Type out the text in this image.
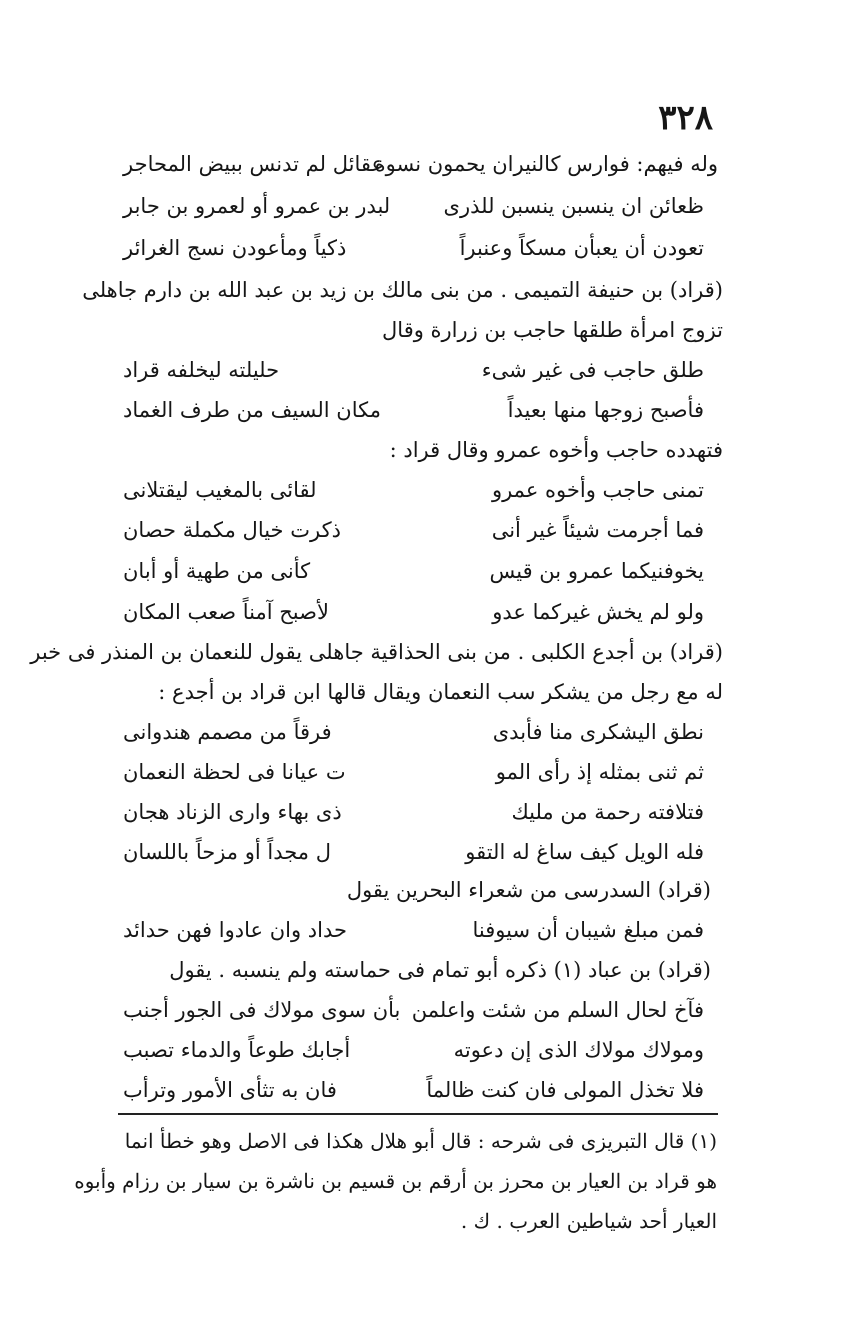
٣٢٨
وله فيهم: فوارس كالنيران يحمون نسوة
عقائل لم تدنس ببيض المحاجر
ظعائن ان ينسبن ينسبن للذرى
لبدر بن عمرو أو لعمرو بن جابر
تعودن أن يعبأن مسكاً وعنبراً
ذكياً ومأعودن نسج الغرائر
(قراد) بن حنيفة التميمى . من بنى مالك بن زيد بن عبد الله بن دارم جاهلى
تزوج امرأة طلقها حاجب بن زرارة وقال
طلق حاجب فى غير شىء
حليلته ليخلفه قراد
فأصبح زوجها منها بعيداً
مكان السيف من طرف الغماد
فتهدده حاجب وأخوه عمرو وقال قراد :
تمنى حاجب وأخوه عمرو
لقائى بالمغيب ليقتلانى
فما أجرمت شيئاً غير أنى
ذكرت خيال مكملة حصان
يخوفنيكما عمرو بن قيس
كأنى من طهية أو أبان
ولو لم يخش غيركما عدو
لأصبح آمناً صعب المكان
(قراد) بن أجدع الكلبى . من بنى الحذاقية جاهلى يقول للنعمان بن المنذر فى خبر
له مع رجل من يشكر سب النعمان ويقال قالها ابن قراد بن أجدع :
نطق اليشكرى منا فأبدى
فرقاً من مصمم هندوانى
ثم ثنى بمثله إذ رأى المو
ت عيانا فى لحظة النعمان
فتلافته رحمة من مليك
ذى بهاء وارى الزناد هجان
فله الويل كيف ساغ له التقو
ل مجداً أو مزحاً باللسان
(قراد) السدرسى من شعراء البحرين يقول
فمن مبلغ شيبان أن سيوفنا
حداد وان عادوا فهن حدائد
(قراد) بن عباد (١) ذكره أبو تمام فى حماسته ولم ينسبه . يقول
فآخ لحال السلم من شئت واعلمن
بأن سوى مولاك فى الجور أجنب
ومولاك مولاك الذى إن دعوته
أجابك طوعاً والدماء تصبب
فلا تخذل المولى فان كنت ظالماً
فان به تثأى الأمور وترأب
(١) قال التبريزى فى شرحه : قال أبو هلال هكذا فى الاصل وهو خطأ انما
هو قراد بن العيار بن محرز بن أرقم بن قسيم بن ناشرة بن سيار بن رزام وأبوه
العيار أحد شياطين العرب . ك .
